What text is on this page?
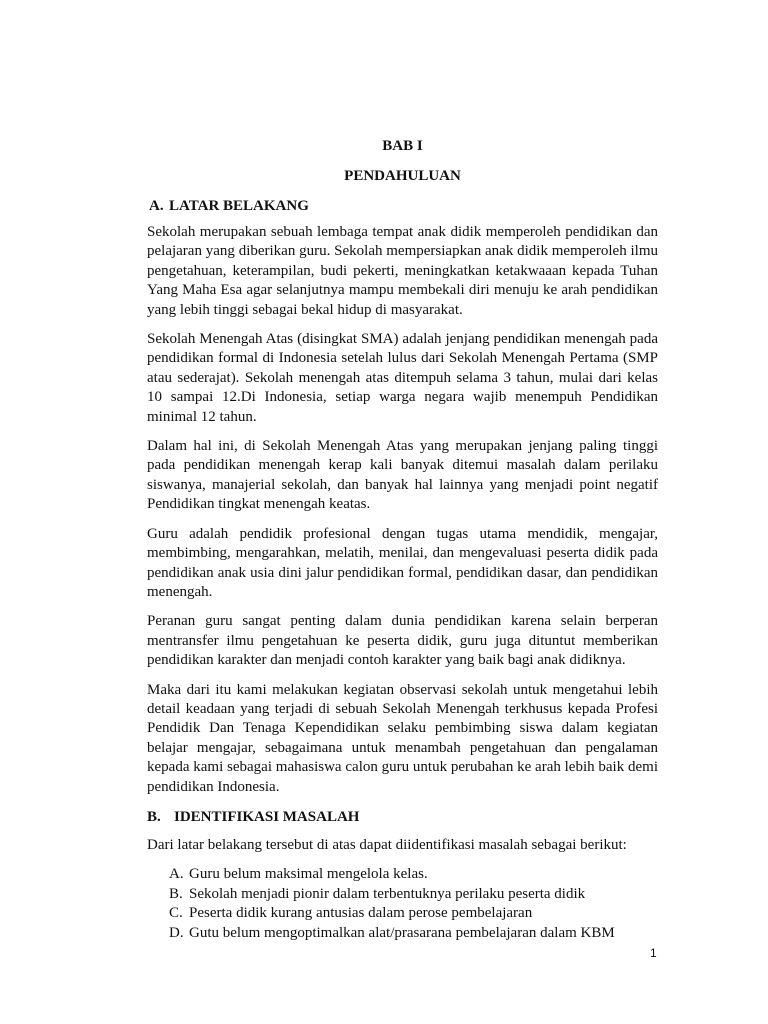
BAB I

PENDAHULUAN

A. LATAR BELAKANG

Sekolah merupakan sebuah lembaga tempat anak didik memperoleh pendidikan dan pelajaran yang diberikan guru. Sekolah mempersiapkan anak didik memperoleh ilmu pengetahuan, keterampilan, budi pekerti, meningkatkan ketakwaaan kepada Tuhan Yang Maha Esa agar selanjutnya mampu membekali diri menuju ke arah pendidikan yang lebih tinggi sebagai bekal hidup di masyarakat.

Sekolah Menengah Atas (disingkat SMA) adalah jenjang pendidikan menengah pada pendidikan formal di Indonesia setelah lulus dari Sekolah Menengah Pertama (SMP atau sederajat). Sekolah menengah atas ditempuh selama 3 tahun, mulai dari kelas 10 sampai 12.Di Indonesia, setiap warga negara wajib menempuh Pendidikan minimal 12 tahun.

Dalam hal ini, di Sekolah Menengah Atas yang merupakan jenjang paling tinggi pada pendidikan menengah kerap kali banyak ditemui masalah dalam perilaku siswanya, manajerial sekolah, dan banyak hal lainnya yang menjadi point negatif Pendidikan tingkat menengah keatas.

Guru adalah pendidik profesional dengan tugas utama mendidik, mengajar, membimbing, mengarahkan, melatih, menilai, dan mengevaluasi peserta didik pada pendidikan anak usia dini jalur pendidikan formal, pendidikan dasar, dan pendidikan menengah.

Peranan guru sangat penting dalam dunia pendidikan karena selain berperan mentransfer ilmu pengetahuan ke peserta didik, guru juga dituntut memberikan pendidikan karakter dan menjadi contoh karakter yang baik bagi anak didiknya.

Maka dari itu kami melakukan kegiatan observasi sekolah untuk mengetahui lebih detail keadaan yang terjadi di sebuah Sekolah Menengah terkhusus kepada Profesi Pendidik Dan Tenaga Kependidikan selaku pembimbing siswa dalam kegiatan belajar mengajar, sebagaimana untuk menambah pengetahuan dan pengalaman kepada kami sebagai mahasiswa calon guru untuk perubahan ke arah lebih baik demi pendidikan Indonesia.

B. IDENTIFIKASI MASALAH

Dari latar belakang tersebut di atas dapat diidentifikasi masalah sebagai berikut:

A. Guru belum maksimal mengelola kelas.
B. Sekolah menjadi pionir dalam terbentuknya perilaku peserta didik
C. Peserta didik kurang antusias dalam perose pembelajaran
D. Gutu belum mengoptimalkan alat/prasarana pembelajaran dalam KBM
1
